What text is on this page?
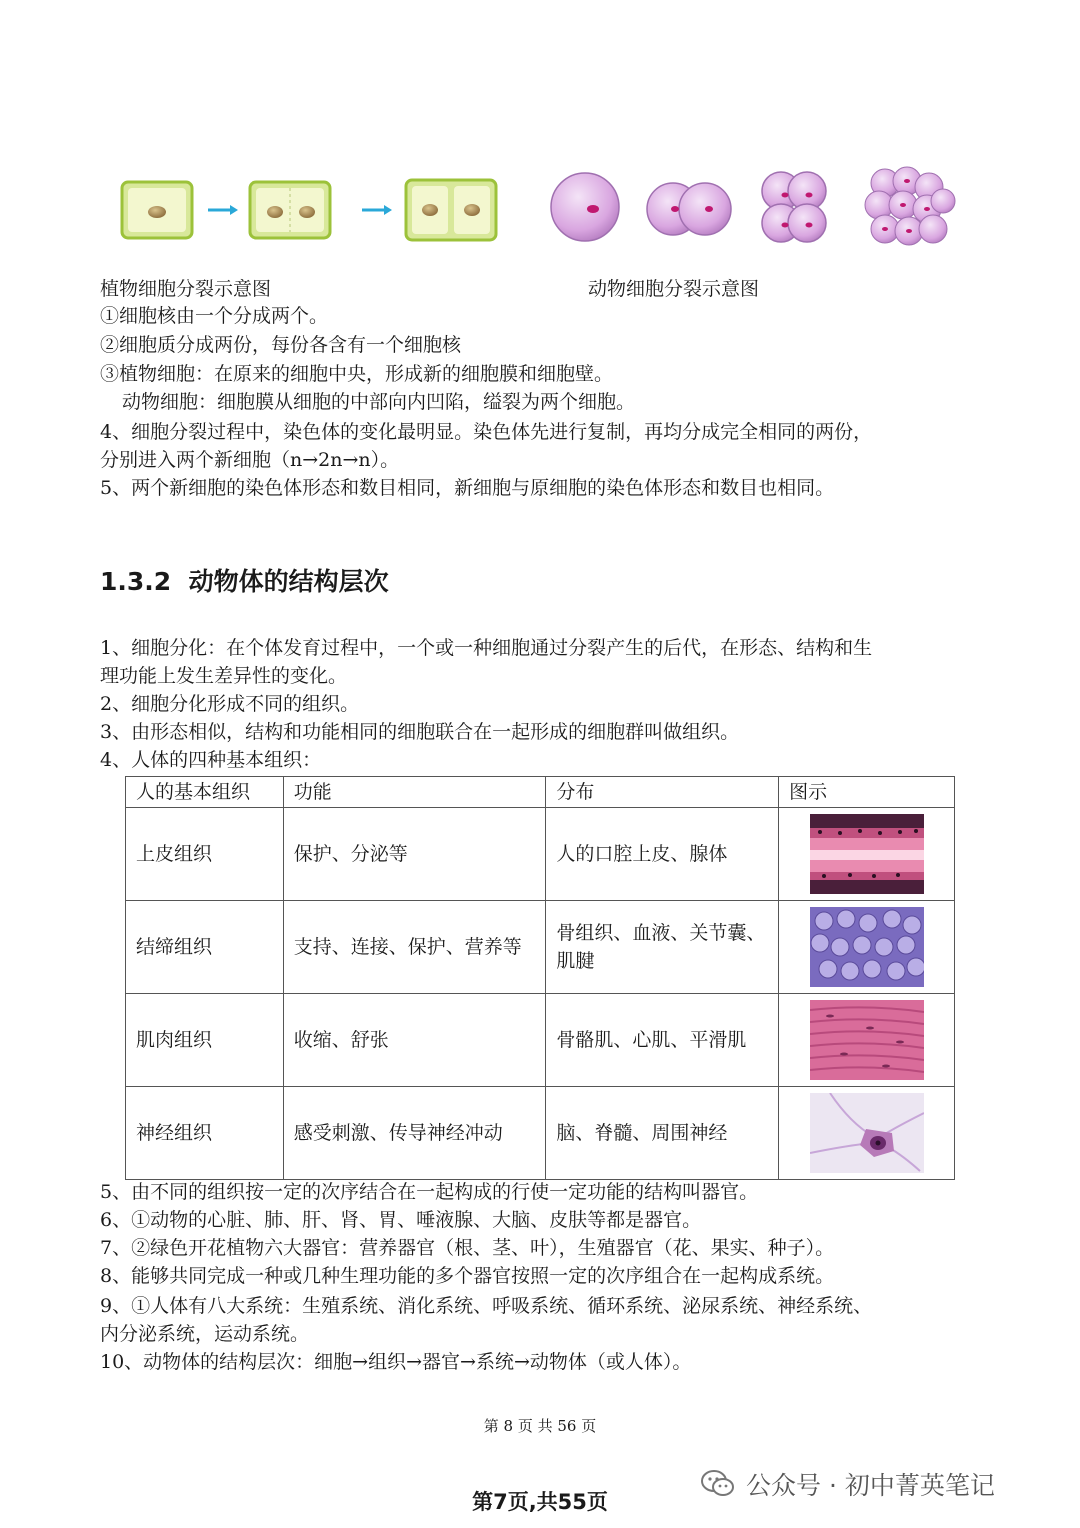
植物细胞分裂示意图	动物细胞分裂示意图
①细胞核由一个分成两个。
②细胞质分成两份，每份各含有一个细胞核
③植物细胞：在原来的细胞中央，形成新的细胞膜和细胞壁。
动物细胞：细胞膜从细胞的中部向内凹陷，缢裂为两个细胞。
4、细胞分裂过程中，染色体的变化最明显。染色体先进行复制，再均分成完全相同的两份，
分别进入两个新细胞（n→2n→n）。
5、两个新细胞的染色体形态和数目相同，新细胞与原细胞的染色体形态和数目也相同。
1.3.2 动物体的结构层次
1、细胞分化：在个体发育过程中，一个或一种细胞通过分裂产生的后代，在形态、结构和生
理功能上发生差异性的变化。
2、细胞分化形成不同的组织。
3、由形态相似，结构和功能相同的细胞联合在一起形成的细胞群叫做组织。
4、人体的四种基本组织：
人的基本组织	功能	分布	图示
上皮组织	保护、分泌等	人的口腔上皮、腺体	

结缔组织	支持、连接、保护、营养等	骨组织、血液、关节囊、肌腱	

肌肉组织	收缩、舒张	骨骼肌、心肌、平滑肌	

神经组织	感受刺激、传导神经冲动	脑、脊髓、周围神经	
5、由不同的组织按一定的次序结合在一起构成的行使一定功能的结构叫器官。
6、①动物的心脏、肺、肝、肾、胃、唾液腺、大脑、皮肤等都是器官。
7、②绿色开花植物六大器官：营养器官（根、茎、叶），生殖器官（花、果实、种子）。
8、能够共同完成一种或几种生理功能的多个器官按照一定的次序组合在一起构成系统。
9、①人体有八大系统：生殖系统、消化系统、呼吸系统、循环系统、泌尿系统、神经系统、
内分泌系统，运动系统。
10、动物体的结构层次：细胞→组织→器官→系统→动物体（或人体）。
第 8 页 共 56 页
公众号 · 初中菁英笔记
第7页,共55页
